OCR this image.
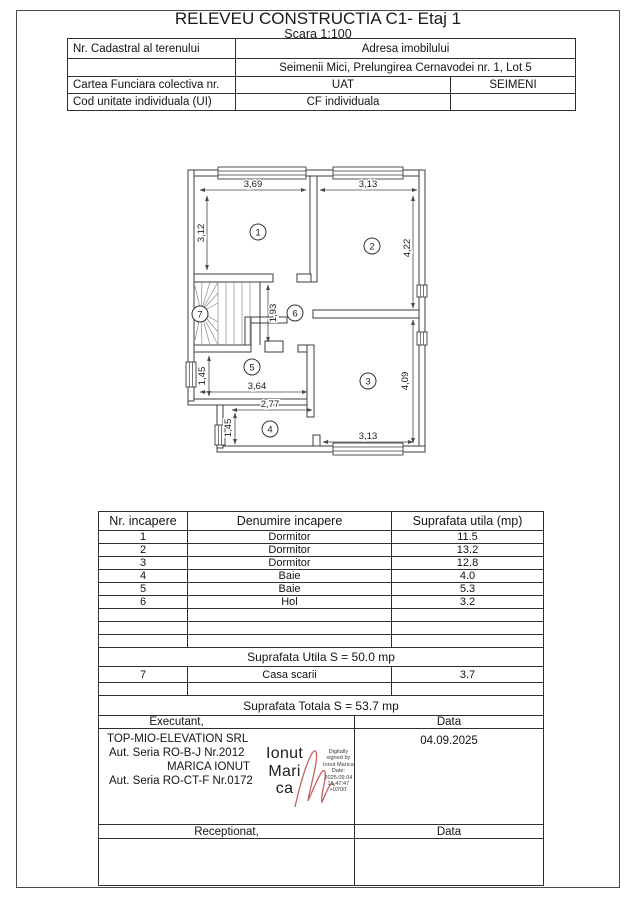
RELEVEU CONSTRUCTIA C1- Etaj 1
Scara 1:100
Nr. Cadastral al terenului	Adresa imobilului	
	Seimenii Mici, Prelungirea Cernavodei nr. 1, Lot 5	
Cartea Funciara colectiva nr.	UAT	SEIMENI
Cod unitate individuala (UI)	CF individuala	
3,69	3,13
3,12
4,22
1,93
1,45
3,64	4,09
2,77
1,45	3,13
1
2
3
4
5
6
7
Nr. incapere	Denumire incapere	Suprafata utila (mp)
1	Dormitor	11.5
2	Dormitor	13.2
3	Dormitor	12.8
4	Baie	4.0
5	Baie	5.3
6	Hol	3.2

Suprafata Utila S = 50.0 mp		
7	Casa scarii	3.7

Suprafata Totala S = 53.7 mp		
Executant,	Data

TOP-MIO-ELEVATION SRL
Aut. Seria RO-B-J Nr.2012
MARICA IONUT
Aut. Seria RO-CT-F Nr.0172
Ionut
Mari
ca
Digitally
signed by
Ionut Marica
Date:
2025.09.04
15:47:47
+03'00'
	04.09.2025
Receptionat,	Data
